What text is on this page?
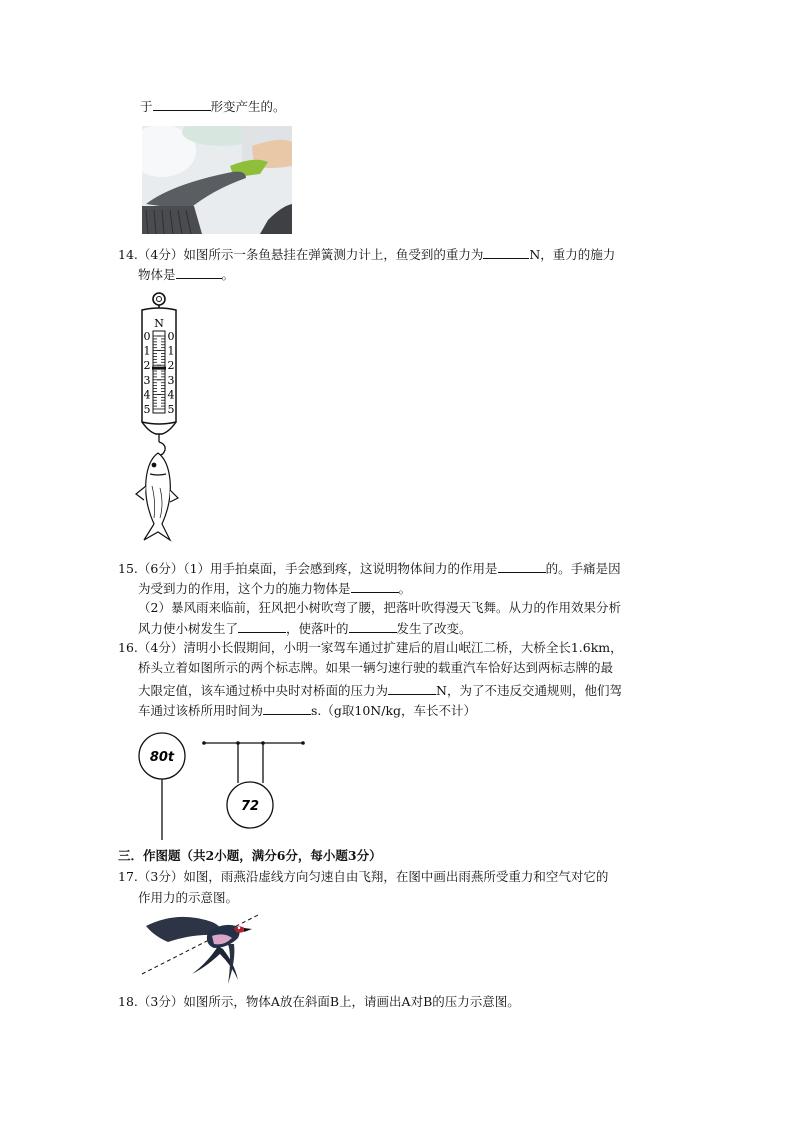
于	形变产生的。
14.（4分）如图所示一条鱼悬挂在弹簧测力计上，鱼受到的重力为	N，重力的施力
物体是	。
N
0
1
2
3
4
5
0
1
2
3
4
5
15.（6分）（1）用手拍桌面，手会感到疼，这说明物体间力的作用是	的。手痛是因
为受到力的作用，这个力的施力物体是	。
（2）暴风雨来临前，狂风把小树吹弯了腰，把落叶吹得漫天飞舞。从力的作用效果分析
风力使小树发生了	，使落叶的	发生了改变。
16.（4分）清明小长假期间，小明一家驾车通过扩建后的眉山岷江二桥，大桥全长1.6km，
桥头立着如图所示的两个标志牌。如果一辆匀速行驶的载重汽车恰好达到两标志牌的最
大限定值，该车通过桥中央时对桥面的压力为	N，为了不违反交通规则，他们驾
车通过该桥所用时间为	s.（g取10N/kg，车长不计）
80t
72
三．作图题（共2小题，满分6分，每小题3分）
17.（3分）如图，雨燕沿虚线方向匀速自由飞翔，在图中画出雨燕所受重力和空气对它的
作用力的示意图。
18.（3分）如图所示，物体A放在斜面B上，请画出A对B的压力示意图。
